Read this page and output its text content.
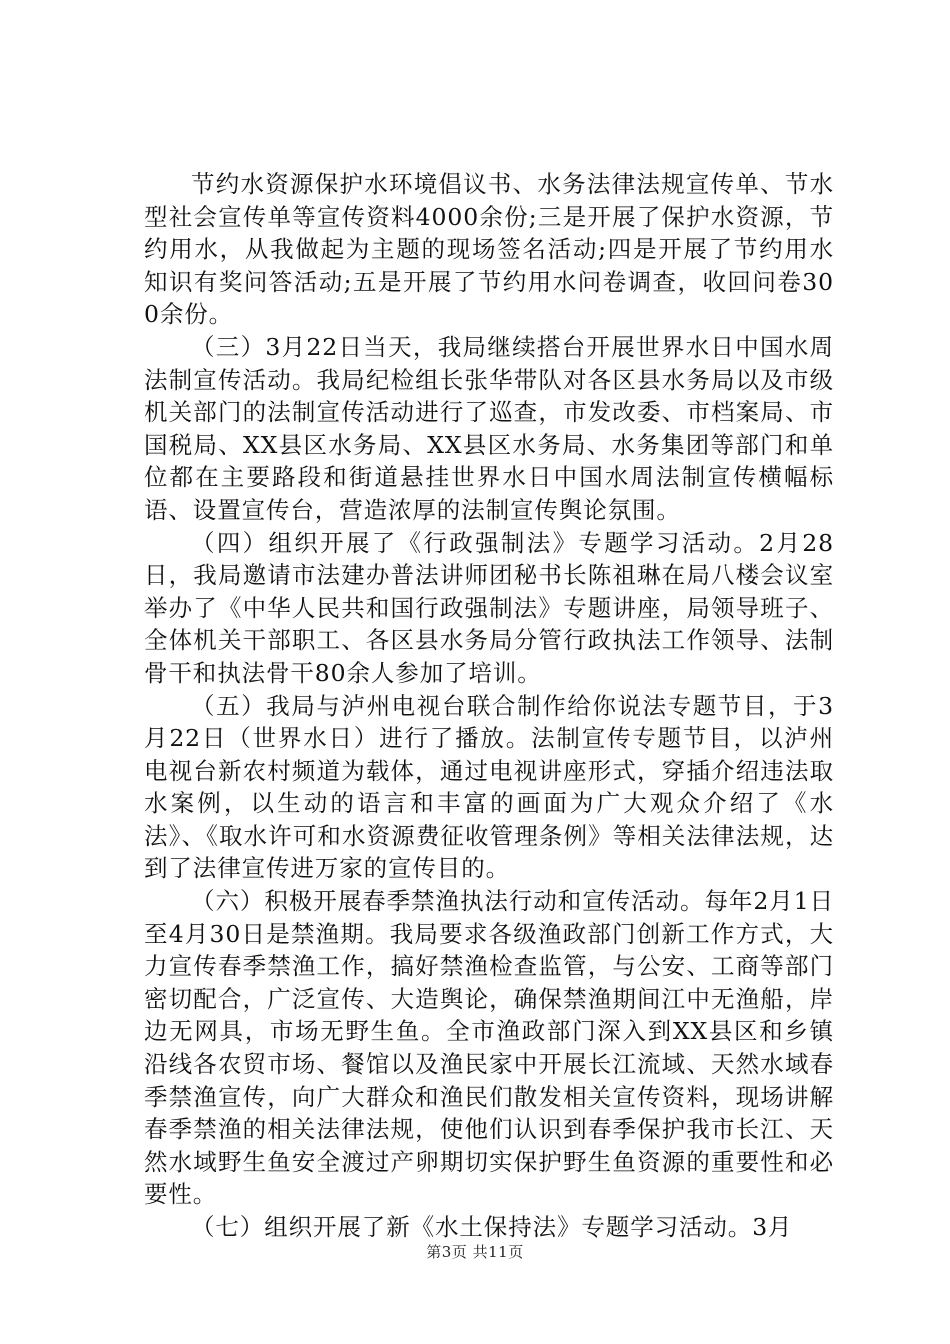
节约水资源保护水环境倡议书、水务法律法规宣传单、节水型社会宣传单等宣传资料4000余份;三是开展了保护水资源，节约用水，从我做起为主题的现场签名活动;四是开展了节约用水知识有奖问答活动;五是开展了节约用水问卷调查，收回问卷300余份。

（三）3月22日当天，我局继续搭台开展世界水日中国水周法制宣传活动。我局纪检组长张华带队对各区县水务局以及市级机关部门的法制宣传活动进行了巡查，市发改委、市档案局、市国税局、XX县区水务局、XX县区水务局、水务集团等部门和单位都在主要路段和街道悬挂世界水日中国水周法制宣传横幅标语、设置宣传台，营造浓厚的法制宣传舆论氛围。

（四）组织开展了《行政强制法》专题学习活动。2月28日，我局邀请市法建办普法讲师团秘书长陈祖琳在局八楼会议室举办了《中华人民共和国行政强制法》专题讲座，局领导班子、全体机关干部职工、各区县水务局分管行政执法工作领导、法制骨干和执法骨干80余人参加了培训。

（五）我局与泸州电视台联合制作给你说法专题节目，于3月22日（世界水日）进行了播放。法制宣传专题节目，以泸州电视台新农村频道为载体，通过电视讲座形式，穿插介绍违法取水案例，以生动的语言和丰富的画面为广大观众介绍了《水法》、《取水许可和水资源费征收管理条例》等相关法律法规，达到了法律宣传进万家的宣传目的。

（六）积极开展春季禁渔执法行动和宣传活动。每年2月1日至4月30日是禁渔期。我局要求各级渔政部门创新工作方式，大力宣传春季禁渔工作，搞好禁渔检查监管，与公安、工商等部门密切配合，广泛宣传、大造舆论，确保禁渔期间江中无渔船，岸边无网具，市场无野生鱼。全市渔政部门深入到XX县区和乡镇沿线各农贸市场、餐馆以及渔民家中开展长江流域、天然水域春季禁渔宣传，向广大群众和渔民们散发相关宣传资料，现场讲解春季禁渔的相关法律法规，使他们认识到春季保护我市长江、天然水域野生鱼安全渡过产卵期切实保护野生鱼资源的重要性和必要性。

（七）组织开展了新《水土保持法》专题学习活动。3月

第3页 共11页
